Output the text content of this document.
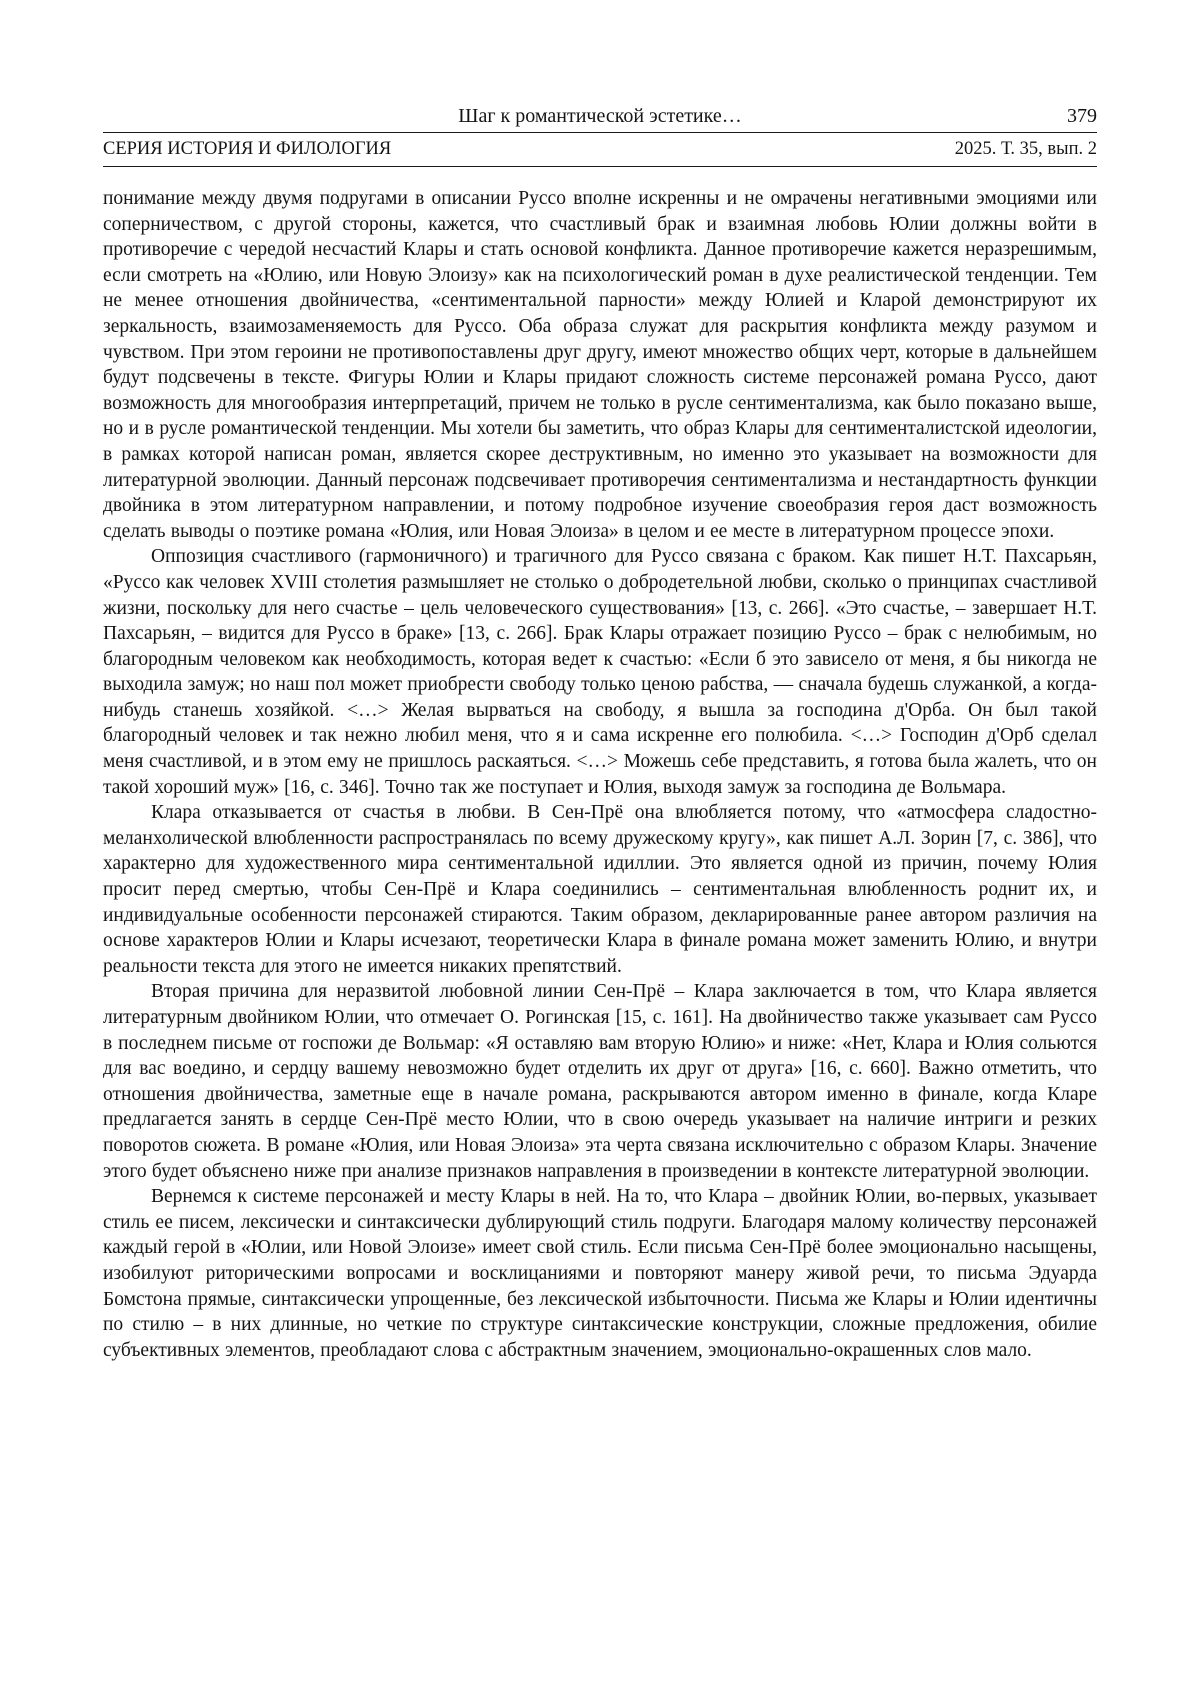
Шаг к романтической эстетике…	379
СЕРИЯ ИСТОРИЯ И ФИЛОЛОГИЯ	2025. Т. 35, вып. 2

понимание между двумя подругами в описании Руссо вполне искренны и не омрачены негативными эмоциями или соперничеством, с другой стороны, кажется, что счастливый брак и взаимная любовь Юлии должны войти в противоречие с чередой несчастий Клары и стать основой конфликта. Данное противоречие кажется неразрешимым, если смотреть на «Юлию, или Новую Элоизу» как на психологический роман в духе реалистической тенденции. Тем не менее отношения двойничества, «сентиментальной парности» между Юлией и Кларой демонстрируют их зеркальность, взаимозаменяемость для Руссо. Оба образа служат для раскрытия конфликта между разумом и чувством. При этом героини не противопоставлены друг другу, имеют множество общих черт, которые в дальнейшем будут подсвечены в тексте. Фигуры Юлии и Клары придают сложность системе персонажей романа Руссо, дают возможность для многообразия интерпретаций, причем не только в русле сентиментализма, как было показано выше, но и в русле романтической тенденции. Мы хотели бы заметить, что образ Клары для сентименталистской идеологии, в рамках которой написан роман, является скорее деструктивным, но именно это указывает на возможности для литературной эволюции. Данный персонаж подсвечивает противоречия сентиментализма и нестандартность функции двойника в этом литературном направлении, и потому подробное изучение своеобразия героя даст возможность сделать выводы о поэтике романа «Юлия, или Новая Элоиза» в целом и ее месте в литературном процессе эпохи.

Оппозиция счастливого (гармоничного) и трагичного для Руссо связана с браком. Как пишет Н.Т. Пахсарьян, «Руссо как человек XVIII столетия размышляет не столько о добродетельной любви, сколько о принципах счастливой жизни, поскольку для него счастье – цель человеческого существования» [13, с. 266]. «Это счастье, – завершает Н.Т. Пахсарьян, – видится для Руссо в браке» [13, с. 266]. Брак Клары отражает позицию Руссо – брак с нелюбимым, но благородным человеком как необходимость, которая ведет к счастью: «Если б это зависело от меня, я бы никогда не выходила замуж; но наш пол может приобрести свободу только ценою рабства, — сначала будешь служанкой, а когда-нибудь станешь хозяйкой. <…> Желая вырваться на свободу, я вышла за господина д'Орба. Он был такой благородный человек и так нежно любил меня, что я и сама искренне его полюбила. <…> Господин д'Орб сделал меня счастливой, и в этом ему не пришлось раскаяться. <…> Можешь себе представить, я готова была жалеть, что он такой хороший муж» [16, с. 346]. Точно так же поступает и Юлия, выходя замуж за господина де Вольмара.

Клара отказывается от счастья в любви. В Сен-Прё она влюбляется потому, что «атмосфера сладостно-меланхолической влюбленности распространялась по всему дружескому кругу», как пишет А.Л. Зорин [7, с. 386], что характерно для художественного мира сентиментальной идиллии. Это является одной из причин, почему Юлия просит перед смертью, чтобы Сен-Прё и Клара соединились – сентиментальная влюбленность роднит их, и индивидуальные особенности персонажей стираются. Таким образом, декларированные ранее автором различия на основе характеров Юлии и Клары исчезают, теоретически Клара в финале романа может заменить Юлию, и внутри реальности текста для этого не имеется никаких препятствий.

Вторая причина для неразвитой любовной линии Сен-Прё – Клара заключается в том, что Клара является литературным двойником Юлии, что отмечает О. Рогинская [15, с. 161]. На двойничество также указывает сам Руссо в последнем письме от госпожи де Вольмар: «Я оставляю вам вторую Юлию» и ниже: «Нет, Клара и Юлия сольются для вас воедино, и сердцу вашему невозможно будет отделить их друг от друга» [16, с. 660]. Важно отметить, что отношения двойничества, заметные еще в начале романа, раскрываются автором именно в финале, когда Кларе предлагается занять в сердце Сен-Прё место Юлии, что в свою очередь указывает на наличие интриги и резких поворотов сюжета. В романе «Юлия, или Новая Элоиза» эта черта связана исключительно с образом Клары. Значение этого будет объяснено ниже при анализе признаков направления в произведении в контексте литературной эволюции.

Вернемся к системе персонажей и месту Клары в ней. На то, что Клара – двойник Юлии, во-первых, указывает стиль ее писем, лексически и синтаксически дублирующий стиль подруги. Благодаря малому количеству персонажей каждый герой в «Юлии, или Новой Элоизе» имеет свой стиль. Если письма Сен-Прё более эмоционально насыщены, изобилуют риторическими вопросами и восклицаниями и повторяют манеру живой речи, то письма Эдуарда Бомстона прямые, синтаксически упрощенные, без лексической избыточности. Письма же Клары и Юлии идентичны по стилю – в них длинные, но четкие по структуре синтаксические конструкции, сложные предложения, обилие субъективных элементов, преобладают слова с абстрактным значением, эмоционально-окрашенных слов мало.
